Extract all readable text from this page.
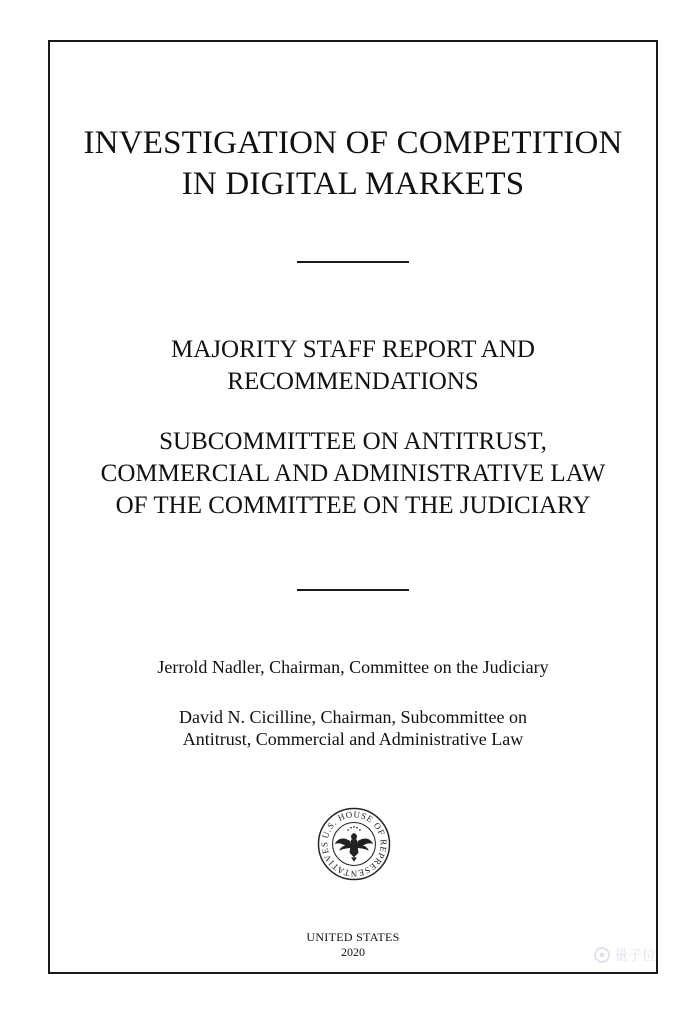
INVESTIGATION OF COMPETITION
IN DIGITAL MARKETS
MAJORITY STAFF REPORT AND
RECOMMENDATIONS
SUBCOMMITTEE ON ANTITRUST,
COMMERCIAL AND ADMINISTRATIVE LAW
OF THE COMMITTEE ON THE JUDICIARY

Jerrold Nadler, Chairman, Committee on the Judiciary

David N. Cicilline, Chairman, Subcommittee on
Antitrust, Commercial and Administrative Law

U.S. HOUSE OF REPRESENTATIVES
UNITED STATES
2020	量子位
